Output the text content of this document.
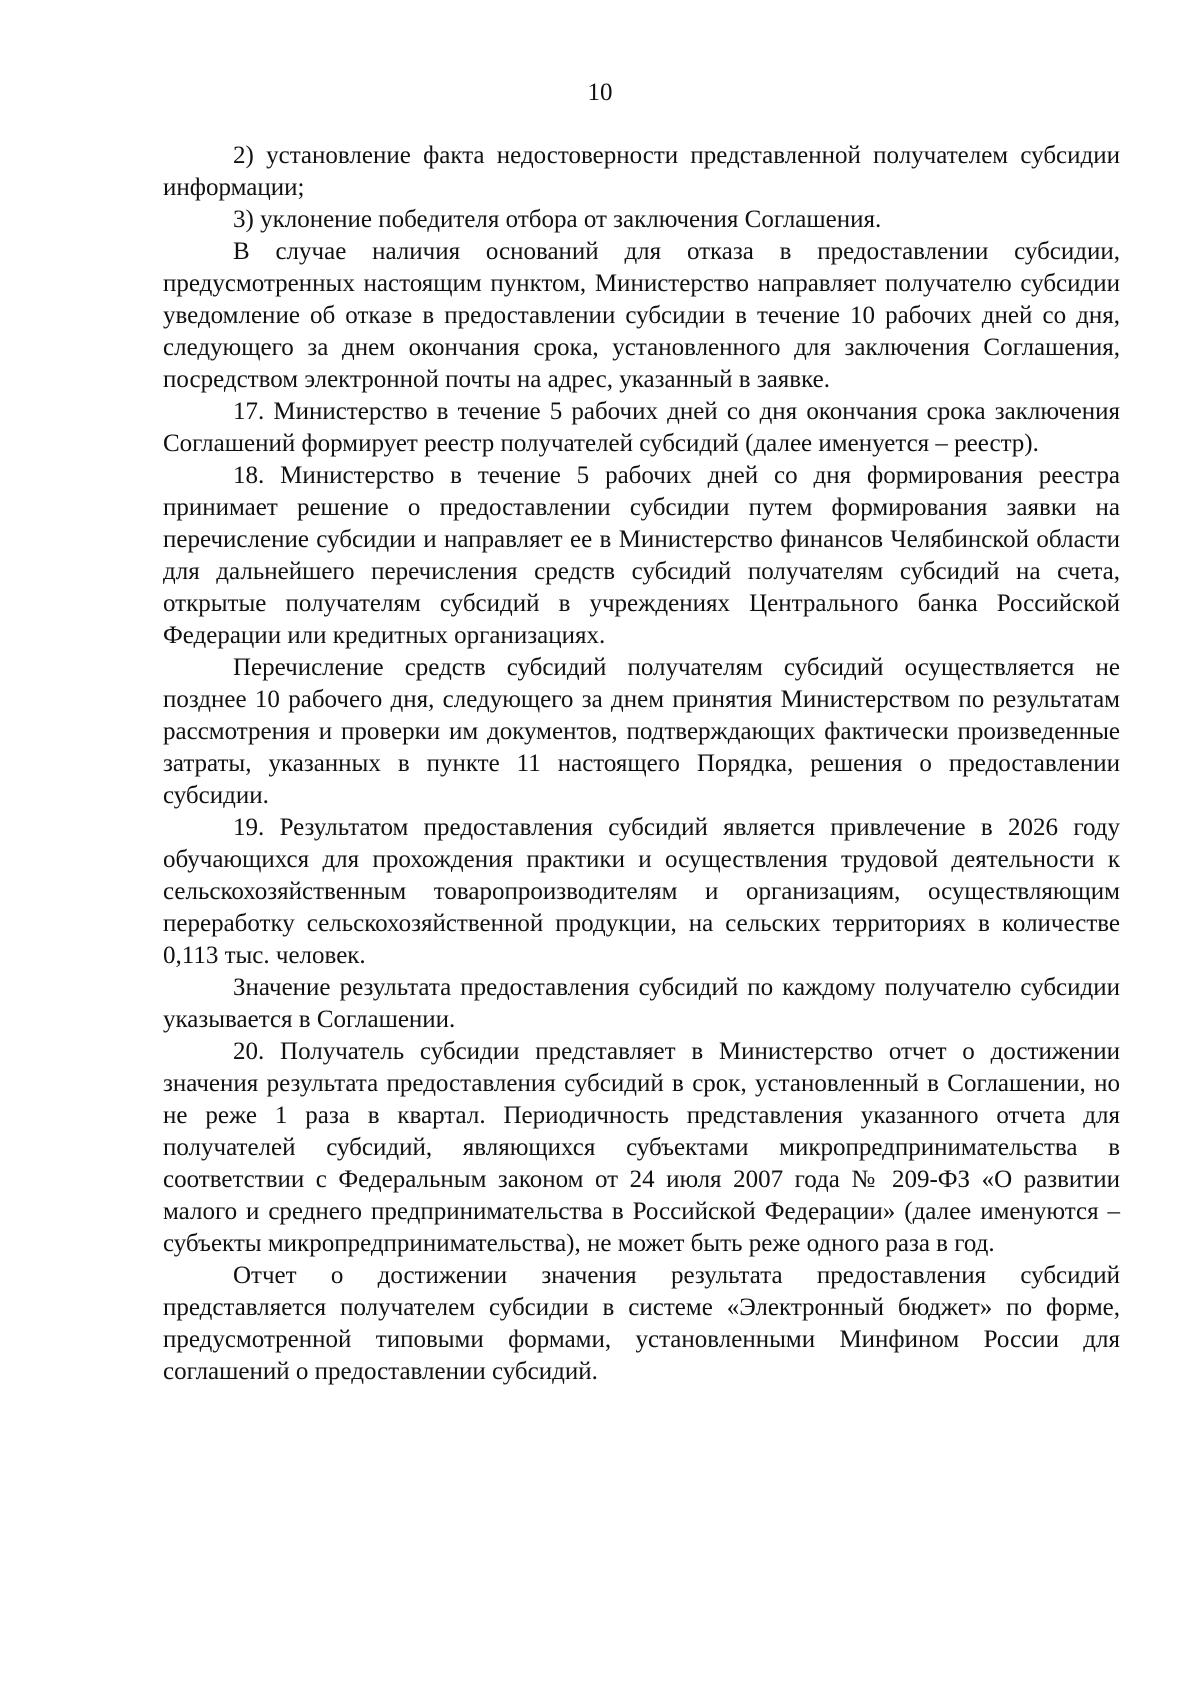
10

2) установление факта недостоверности представленной получателем субсидии информации;

3) уклонение победителя отбора от заключения Соглашения.

В случае наличия оснований для отказа в предоставлении субсидии, предусмотренных настоящим пунктом, Министерство направляет получателю субсидии уведомление об отказе в предоставлении субсидии в течение 10 рабочих дней со дня, следующего за днем окончания срока, установленного для заключения Соглашения, посредством электронной почты на адрес, указанный в заявке.

17. Министерство в течение 5 рабочих дней со дня окончания срока заключения Соглашений формирует реестр получателей субсидий (далее именуется – реестр).

18. Министерство в течение 5 рабочих дней со дня формирования реестра принимает решение о предоставлении субсидии путем формирования заявки на перечисление субсидии и направляет ее в Министерство финансов Челябинской области для дальнейшего перечисления средств субсидий получателям субсидий на счета, открытые получателям субсидий в учреждениях Центрального банка Российской Федерации или кредитных организациях.

Перечисление средств субсидий получателям субсидий осуществляется не позднее 10 рабочего дня, следующего за днем принятия Министерством по результатам рассмотрения и проверки им документов, подтверждающих фактически произведенные затраты, указанных в пункте 11 настоящего Порядка, решения о предоставлении субсидии.

19. Результатом предоставления субсидий является привлечение в 2026 году обучающихся для прохождения практики и осуществления трудовой деятельности к сельскохозяйственным товаропроизводителям и организациям, осуществляющим переработку сельскохозяйственной продукции, на сельских территориях в количестве 0,113 тыс. человек.

Значение результата предоставления субсидий по каждому получателю субсидии указывается в Соглашении.

20. Получатель субсидии представляет в Министерство отчет о достижении значения результата предоставления субсидий в срок, установленный в Соглашении, но не реже 1 раза в квартал. Периодичность представления указанного отчета для получателей субсидий, являющихся субъектами микропредпринимательства в соответствии с Федеральным законом от 24 июля 2007 года № 209-ФЗ «О развитии малого и среднего предпринимательства в Российской Федерации» (далее именуются – субъекты микропредпринимательства), не может быть реже одного раза в год.

Отчет о достижении значения результата предоставления субсидий представляется получателем субсидии в системе «Электронный бюджет» по форме, предусмотренной типовыми формами, установленными Минфином России для соглашений о предоставлении субсидий.
